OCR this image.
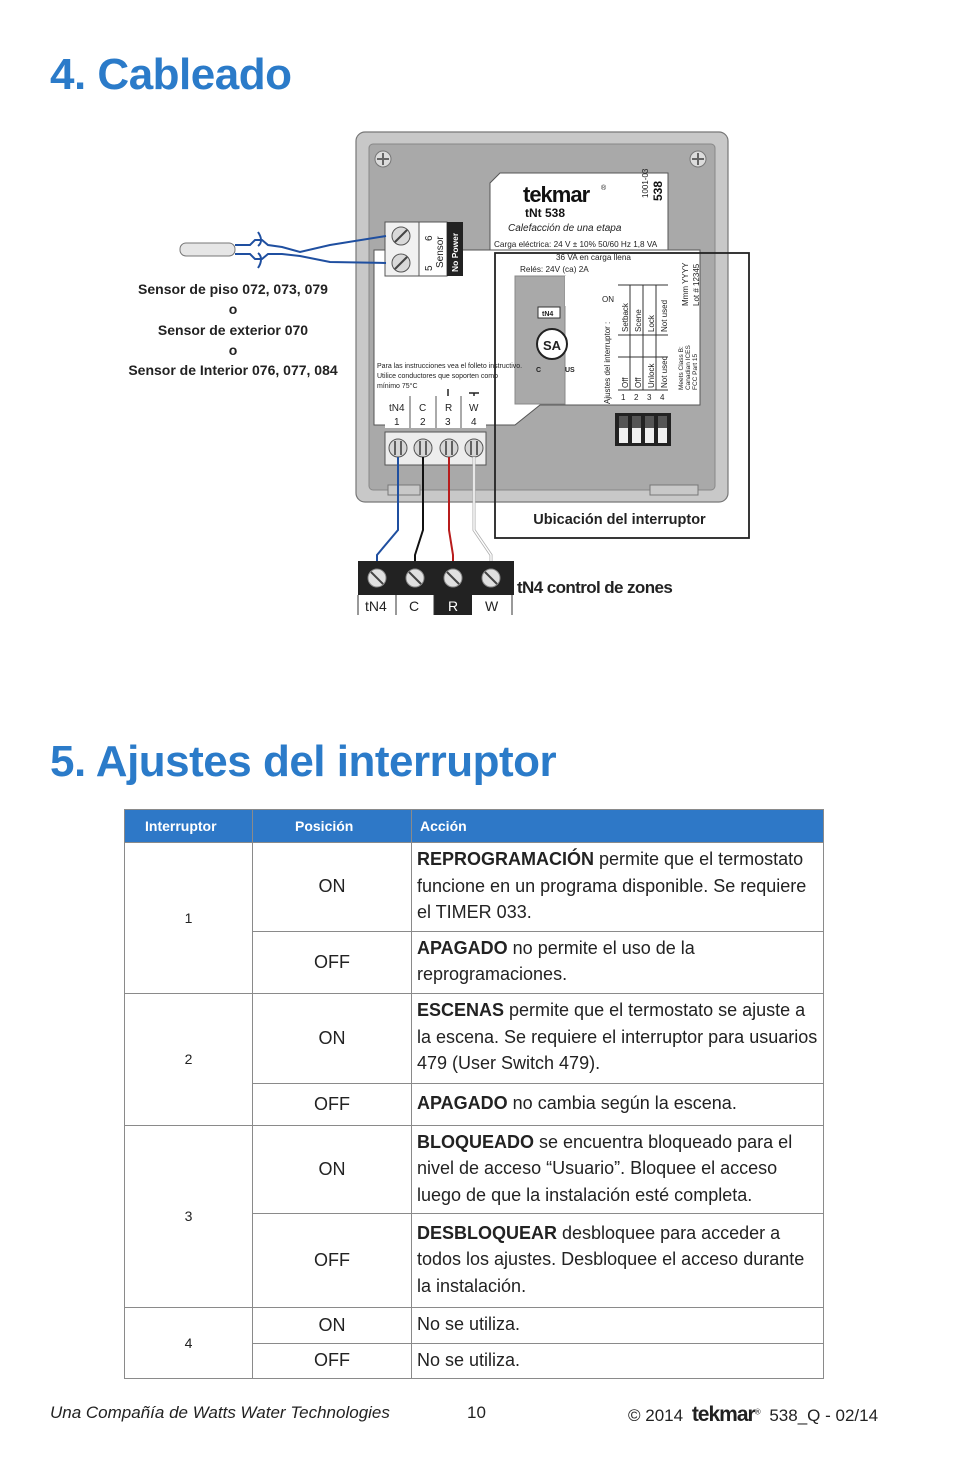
4. Cableado
tekmar ®
tNt 538
Calefacción de una etapa
1001-03 538
Carga eléctrica: 24 V ± 10% 50/60 Hz 1,8 VA
36 VA en carga llena
Relés: 24V (ca) 2A
5
6 Sensor No Power
Para las instrucciones vea el folleto instructivo.
Utilice conductores que soporten como
mínimo 75°C
tN4
SA
C	US
ON
Ajustes del interruptor :
Setback Scene Lock Not used
Off Off Unlock Not used
1 2 3 4
Mmm YYYY Lot # 12345
Meets Class B: Canadian ICES FCC Part 15
tN4
1
C
2
R
3
W
4
tN4 C R W
Sensor de piso 072, 073, 079
o
Sensor de exterior 070
o
Sensor de Interior 076, 077, 084
Ubicación del interruptor
tN4 control de zones
5. Ajustes del interruptor
Interruptor	Posición	Acción
1	ON	REPROGRAMACIÓN permite que el termostato funcione en un programa disponible. Se requiere el TIMER 033.
	OFF	APAGADO no permite el uso de la reprogramaciones.
2	ON	ESCENAS permite que el termostato se ajuste a la escena. Se requiere el interruptor para usuarios 479 (User Switch 479).
	OFF	APAGADO no cambia según la escena.
3	ON	BLOQUEADO se encuentra bloqueado para el nivel de acceso “Usuario”. Bloquee el acceso luego de que la instalación esté completa.
	OFF	DESBLOQUEAR desbloquee para acceder a todos los ajustes. Desbloquee el acceso durante la instalación.
4	ON	No se utiliza.
	OFF	No se utiliza.
Una Compañía de Watts Water Technologies	10	© 2014 tekmar® 538_Q - 02/14
